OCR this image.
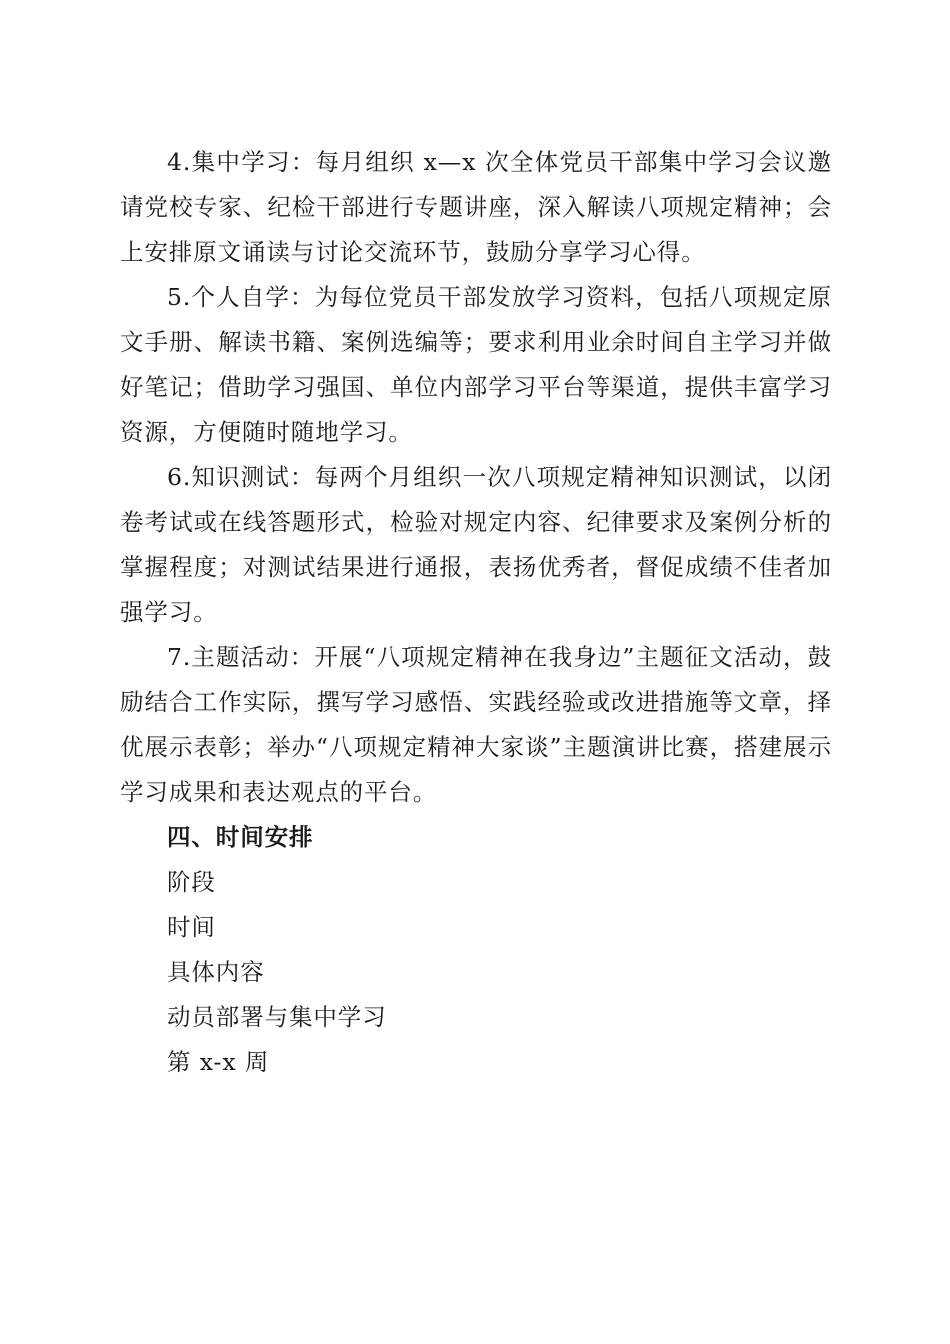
4.集中学习：每月组织 x—x 次全体党员干部集中学习会议邀请党校专家、纪检干部进行专题讲座，深入解读八项规定精神；会上安排原文诵读与讨论交流环节，鼓励分享学习心得。

5.个人自学：为每位党员干部发放学习资料，包括八项规定原文手册、解读书籍、案例选编等；要求利用业余时间自主学习并做好笔记；借助学习强国、单位内部学习平台等渠道，提供丰富学习资源，方便随时随地学习。

6.知识测试：每两个月组织一次八项规定精神知识测试，以闭卷考试或在线答题形式，检验对规定内容、纪律要求及案例分析的掌握程度；对测试结果进行通报，表扬优秀者，督促成绩不佳者加强学习。

7.主题活动：开展“八项规定精神在我身边”主题征文活动，鼓励结合工作实际，撰写学习感悟、实践经验或改进措施等文章，择优展示表彰；举办“八项规定精神大家谈”主题演讲比赛，搭建展示学习成果和表达观点的平台。

四、时间安排

阶段

时间

具体内容

动员部署与集中学习

第 x-x 周
